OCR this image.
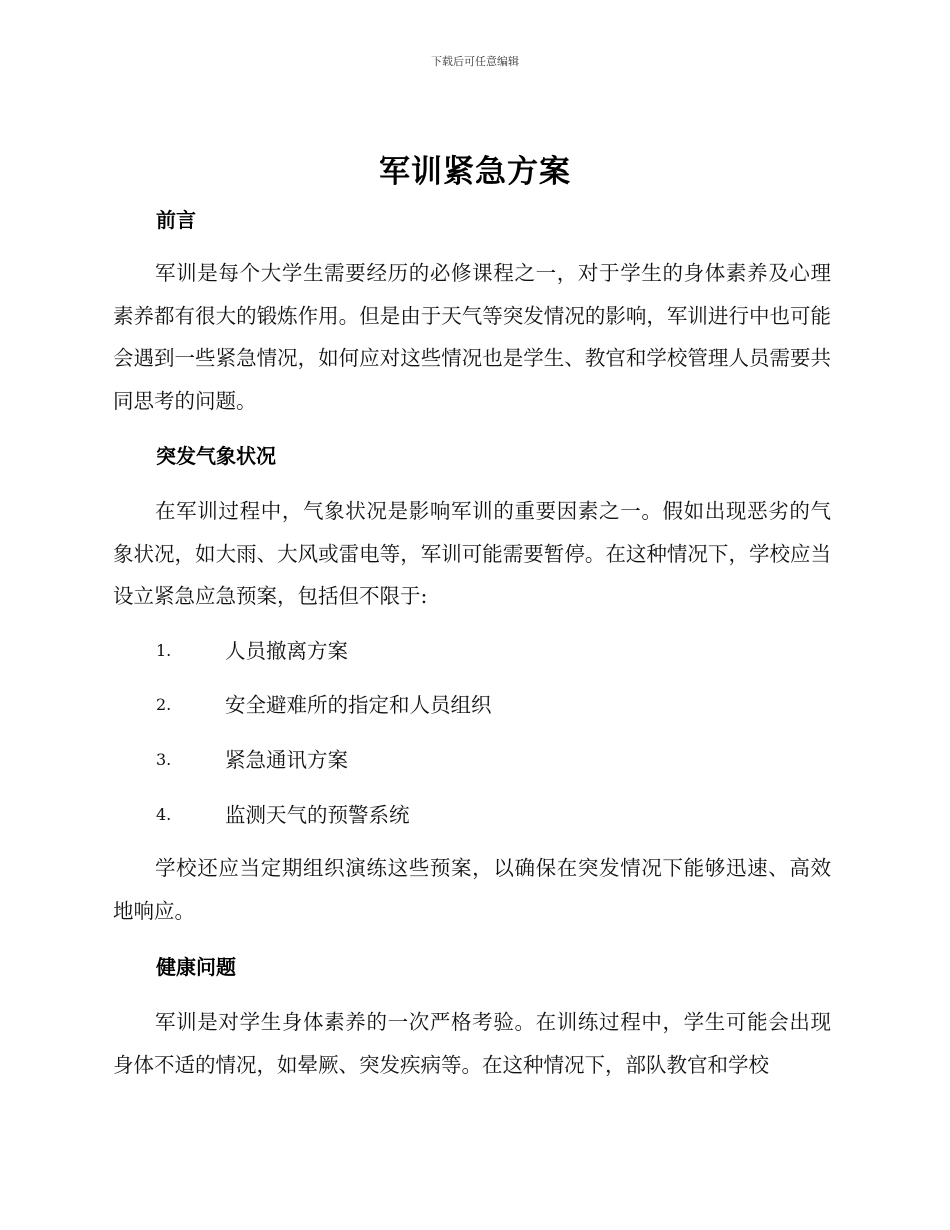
下载后可任意编辑
军训紧急方案
前言

军训是每个大学生需要经历的必修课程之一，对于学生的身体素养及心理素养都有很大的锻炼作用。但是由于天气等突发情况的影响，军训进行中也可能会遇到一些紧急情况，如何应对这些情况也是学生、教官和学校管理人员需要共同思考的问题。

突发气象状况

在军训过程中，气象状况是影响军训的重要因素之一。假如出现恶劣的气象状况，如大雨、大风或雷电等，军训可能需要暂停。在这种情况下，学校应当设立紧急应急预案，包括但不限于:

1.	人员撤离方案
2.	安全避难所的指定和人员组织
3.	紧急通讯方案
4.	监测天气的预警系统

学校还应当定期组织演练这些预案，以确保在突发情况下能够迅速、高效地响应。

健康问题

军训是对学生身体素养的一次严格考验。在训练过程中，学生可能会出现身体不适的情况，如晕厥、突发疾病等。在这种情况下，部队教官和学校
